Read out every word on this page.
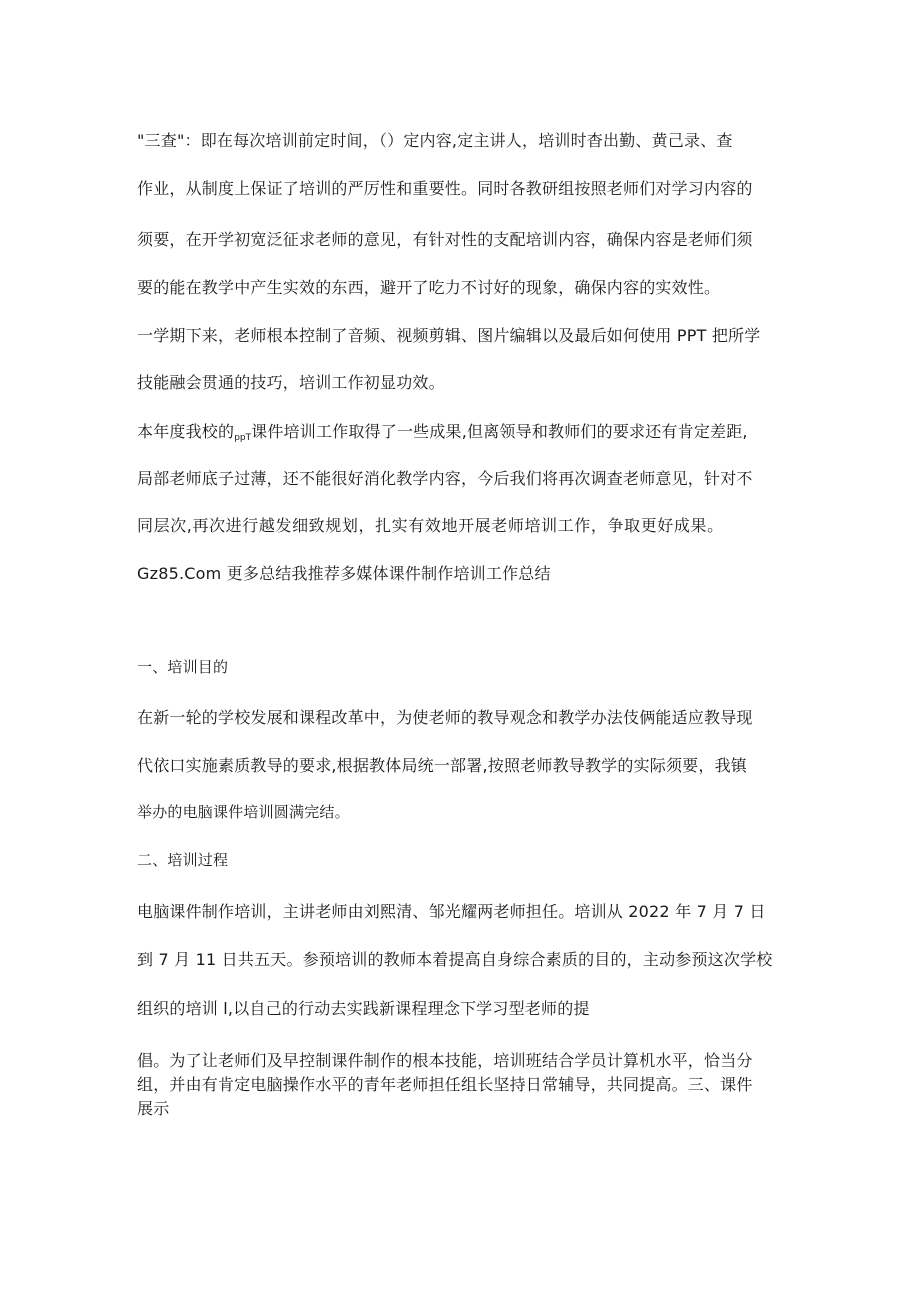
"三查"：即在每次培训前定时间，（）定内容,定主讲人，培训时杳出勤、黄己录、查
作业，从制度上保证了培训的严厉性和重要性。同时各教研组按照老师们对学习内容的
须要，在开学初宽泛征求老师的意见，有针对性的支配培训内容，确保内容是老师们须
要的能在教学中产生实效的东西，避开了吃力不讨好的现象，确保内容的实效性。
一学期下来，老师根本控制了音频、视频剪辑、图片编辑以及最后如何使用 PPT 把所学
技能融会贯通的技巧，培训工作初显功效。
本年度我校的ppT课件培训工作取得了一些成果,但离领导和教师们的要求还有肯定差距,
局部老师底子过薄，还不能很好消化教学内容，今后我们将再次调查老师意见，针对不
同层次,再次进行越发细致规划，扎实有效地开展老师培训工作，争取更好成果。
Gz85.Com 更多总结我推荐多媒体课件制作培训工作总结
一、培训目的
在新一轮的学校发展和课程改革中，为使老师的教导观念和教学办法伎俩能适应教导现
代依口实施素质教导的要求,根据教体局统一部署,按照老师教导教学的实际须要，我镇
举办的电脑课件培训圆满完结。
二、培训过程
电脑课件制作培训，主讲老师由刘熙清、邹光耀两老师担任。培训从 2022 年 7 月 7 日
到 7 月 11 日共五天。参预培训的教师本着提高自身综合素质的目的，主动参预这次学校
组织的培训 l,以自己的行动去实践新课程理念下学习型老师的提
倡。为了让老师们及早控制课件制作的根本技能，培训班结合学员计算机水平，恰当分
组，并由有肯定电脑操作水平的青年老师担任组长坚持日常辅导，共同提高。三、课件
展示
